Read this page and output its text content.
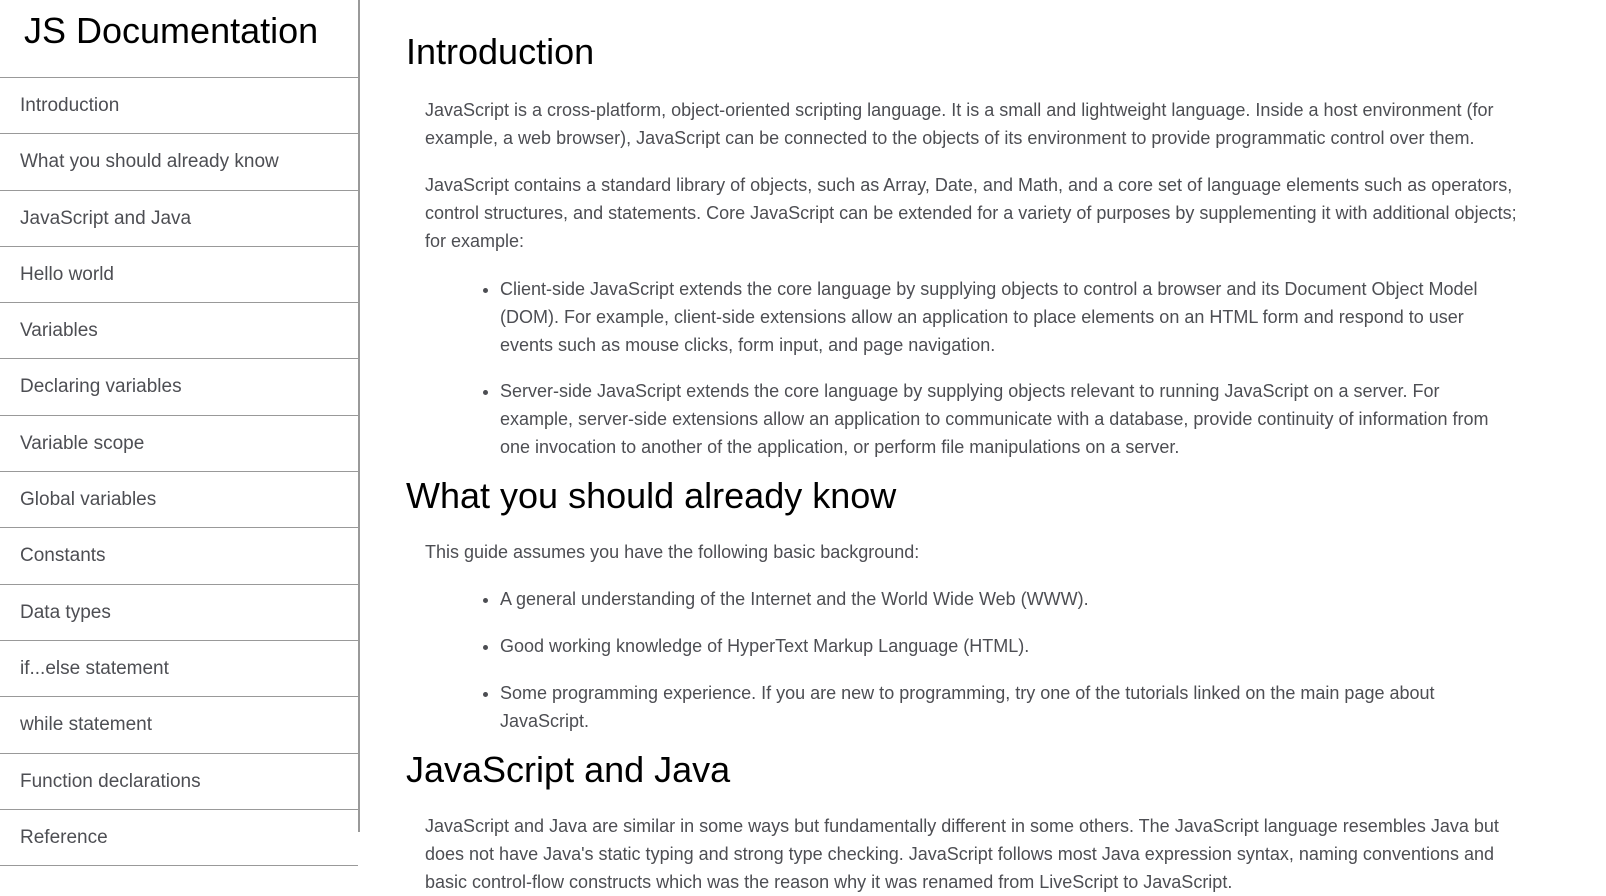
JS Documentation
Introduction
What you should already know
JavaScript and Java
Hello world
Variables
Declaring variables
Variable scope
Global variables
Constants
Data types
if...else statement
while statement
Function declarations
Reference
Introduction

JavaScript is a cross-platform, object-oriented scripting language. It is a small and lightweight language. Inside a host environment (for example, a web browser), JavaScript can be connected to the objects of its environment to provide programmatic control over them.

JavaScript contains a standard library of objects, such as Array, Date, and Math, and a core set of language elements such as operators, control structures, and statements. Core JavaScript can be extended for a variety of purposes by supplementing it with additional objects; for example:

• Client-side JavaScript extends the core language by supplying objects to control a browser and its Document Object Model (DOM). For example, client-side extensions allow an application to place elements on an HTML form and respond to user events such as mouse clicks, form input, and page navigation.
• Server-side JavaScript extends the core language by supplying objects relevant to running JavaScript on a server. For example, server-side extensions allow an application to communicate with a database, provide continuity of information from one invocation to another of the application, or perform file manipulations on a server.
What you should already know

This guide assumes you have the following basic background:

• A general understanding of the Internet and the World Wide Web (WWW).
• Good working knowledge of HyperText Markup Language (HTML).
• Some programming experience. If you are new to programming, try one of the tutorials linked on the main page about JavaScript.
JavaScript and Java

JavaScript and Java are similar in some ways but fundamentally different in some others. The JavaScript language resembles Java but does not have Java's static typing and strong type checking. JavaScript follows most Java expression syntax, naming conventions and basic control-flow constructs which was the reason why it was renamed from LiveScript to JavaScript.
